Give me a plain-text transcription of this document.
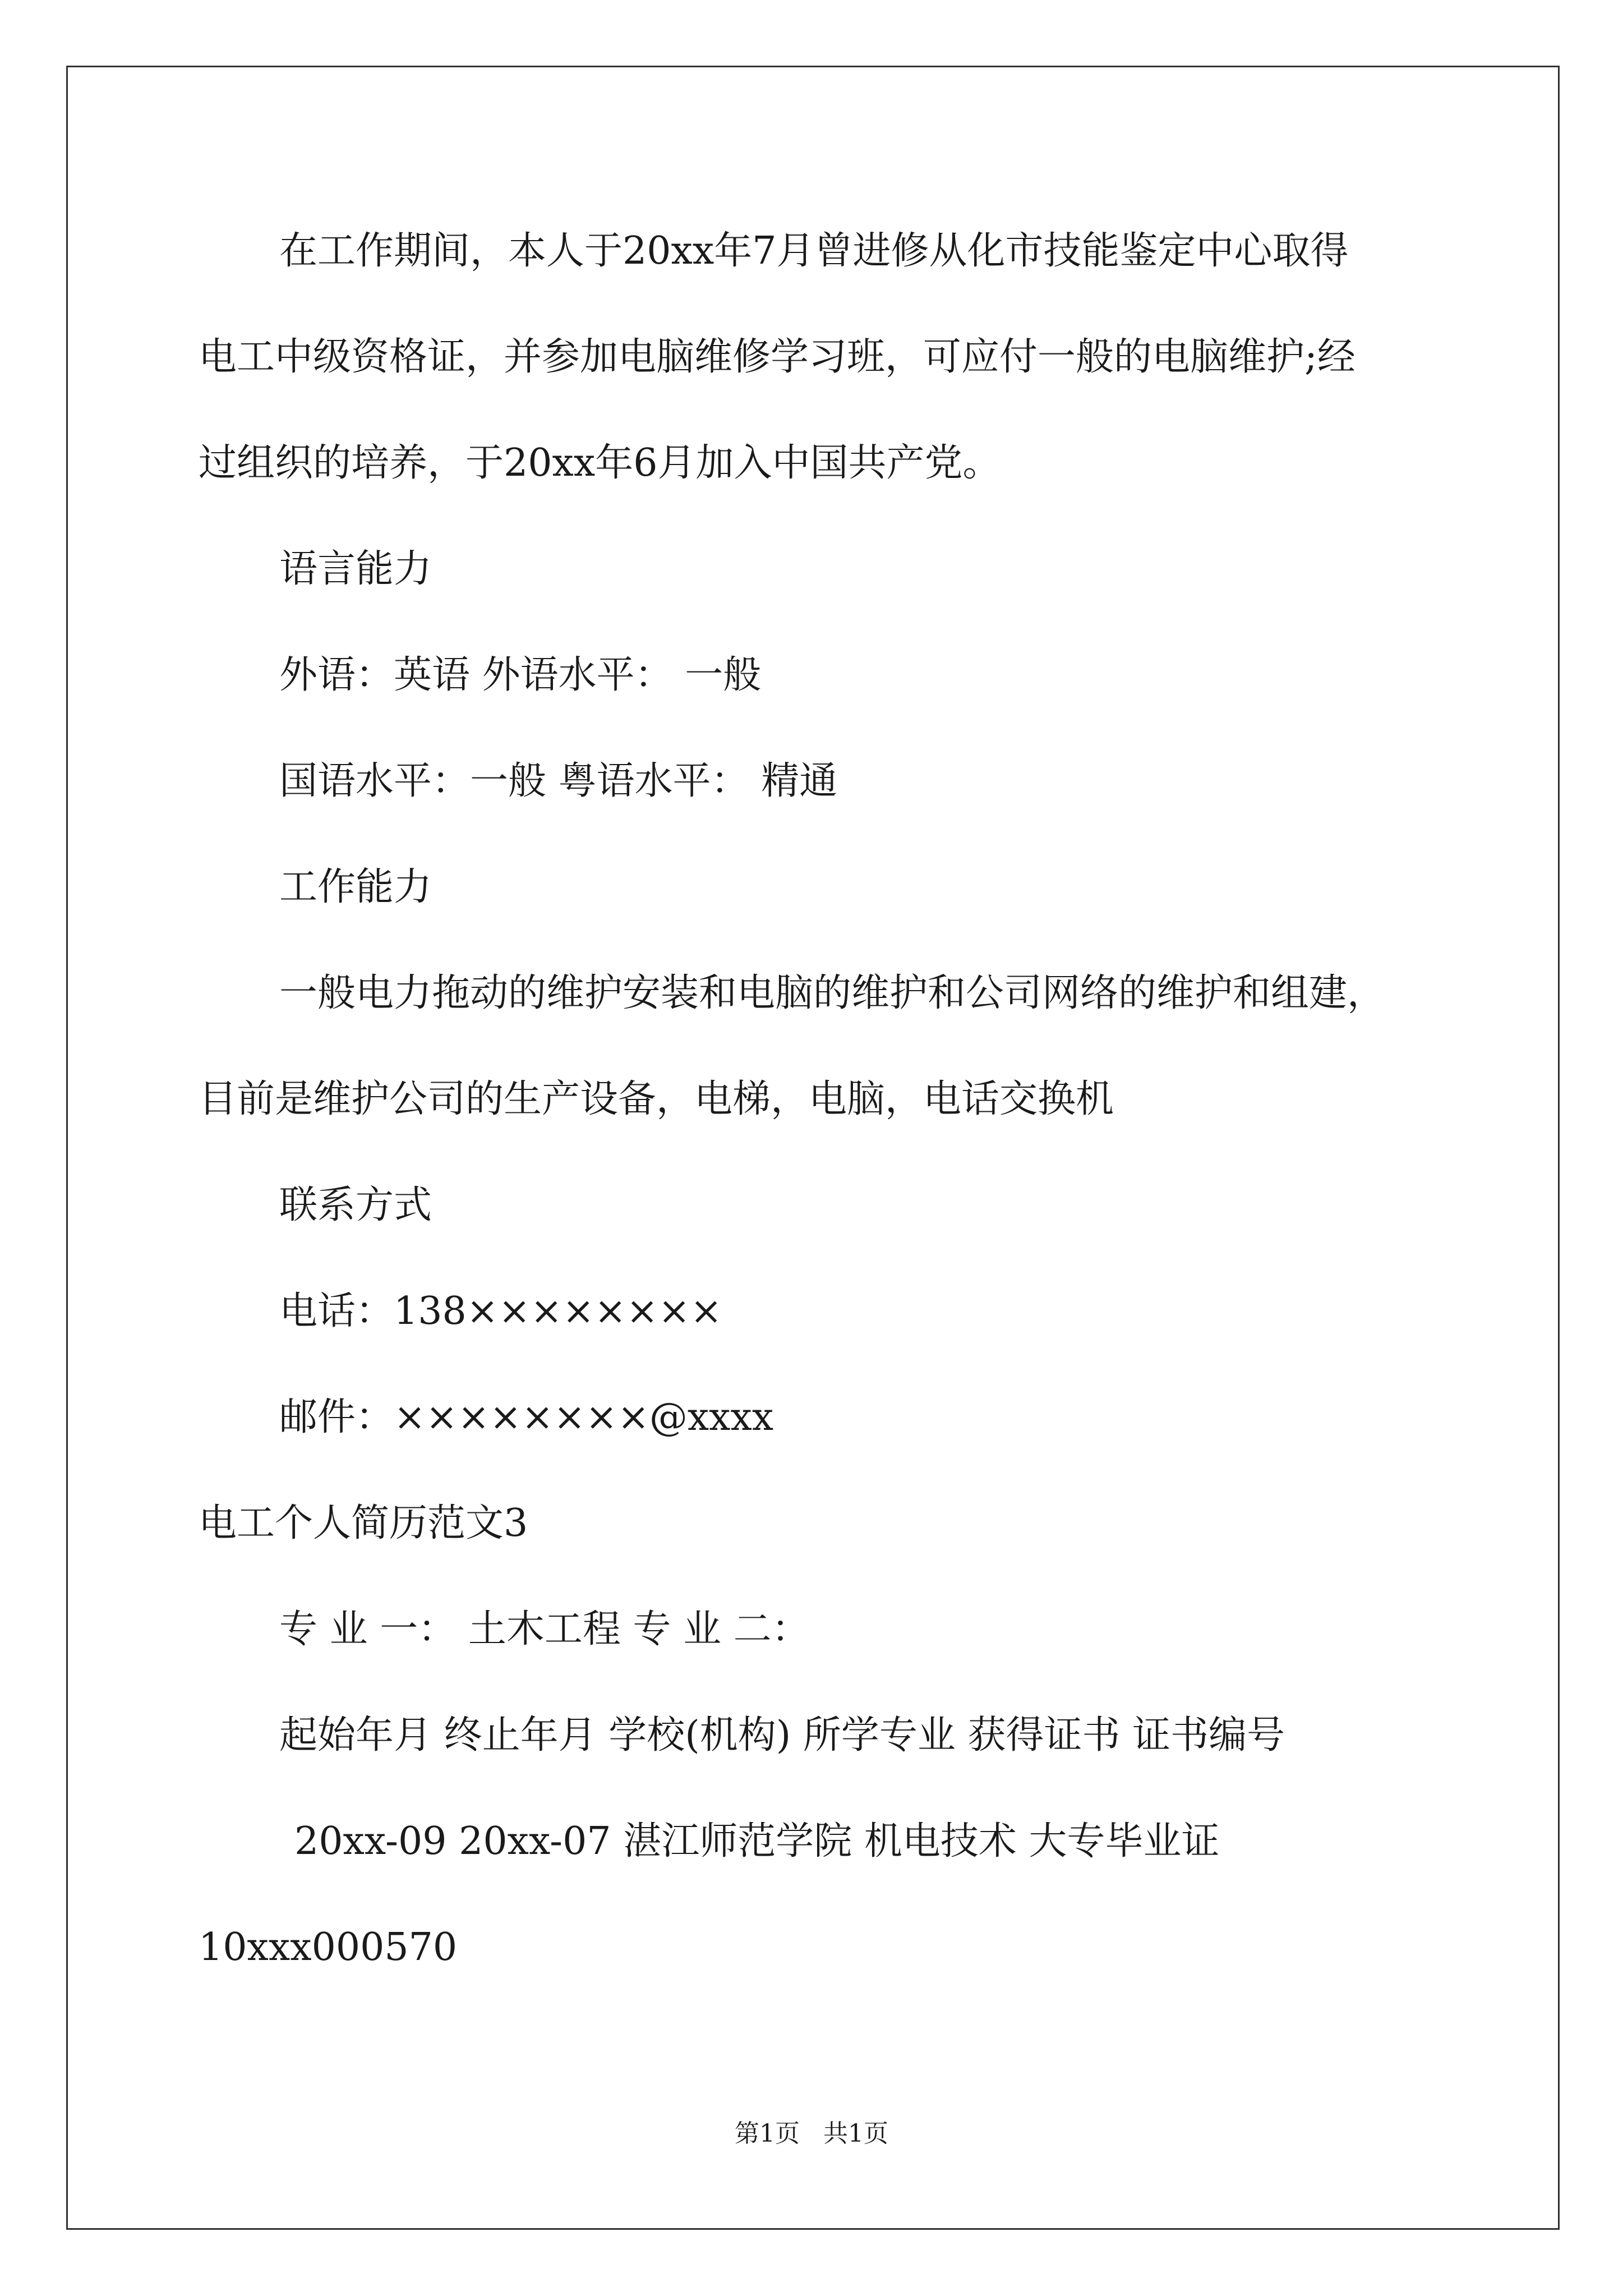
在工作期间，本人于20xx年7月曾进修从化市技能鉴定中心取得
电工中级资格证，并参加电脑维修学习班，可应付一般的电脑维护;经
过组织的培养，于20xx年6月加入中国共产党。
语言能力
外语：英语 外语水平： 一般
国语水平：一般 粤语水平： 精通
工作能力
一般电力拖动的维护安装和电脑的维护和公司网络的维护和组建，
目前是维护公司的生产设备，电梯，电脑，电话交换机
联系方式
电话：138××××××××
邮件：××××××××@xxxx
电工个人简历范文3
专 业 一： 土木工程 专 业 二：
起始年月 终止年月 学校(机构) 所学专业 获得证书 证书编号
20xx-09 20xx-07 湛江师范学院 机电技术 大专毕业证
10xxx000570
第1页   共1页
